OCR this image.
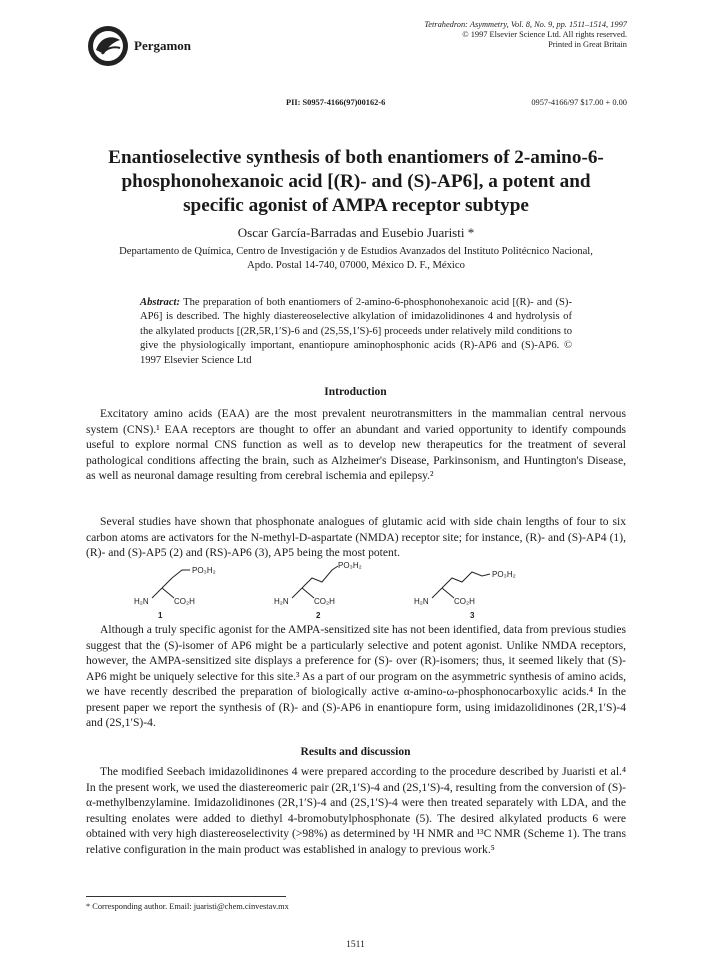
Pergamon
Tetrahedron: Asymmetry, Vol. 8, No. 9, pp. 1511–1514, 1997
© 1997 Elsevier Science Ltd. All rights reserved.
Printed in Great Britain
PII: S0957-4166(97)00162-6	0957-4166/97 $17.00 + 0.00
Enantioselective synthesis of both enantiomers of 2-amino-6-phosphonohexanoic acid [(R)- and (S)-AP6], a potent and specific agonist of AMPA receptor subtype
Oscar García-Barradas and Eusebio Juaristi *
Departamento de Química, Centro de Investigación y de Estudios Avanzados del Instituto Politécnico Nacional, Apdo. Postal 14-740, 07000, México D. F., México
Abstract: The preparation of both enantiomers of 2-amino-6-phosphonohexanoic acid [(R)- and (S)-AP6] is described. The highly diastereoselective alkylation of imidazolidinones 4 and hydrolysis of the alkylated products [(2R,5R,1′S)-6 and (2S,5S,1′S)-6] proceeds under relatively mild conditions to give the physiologically important, enantiopure aminophosphonic acids (R)-AP6 and (S)-AP6. © 1997 Elsevier Science Ltd
Introduction

Excitatory amino acids (EAA) are the most prevalent neurotransmitters in the mammalian central nervous system (CNS).¹ EAA receptors are thought to offer an abundant and varied opportunity to identify compounds useful to explore normal CNS function as well as to develop new therapeutics for the treatment of several pathological conditions affecting the brain, such as Alzheimer's Disease, Parkinsonism, and Huntington's Disease, as well as neuronal damage resulting from cerebral ischemia and epilepsy.²

Several studies have shown that phosphonate analogues of glutamic acid with side chain lengths of four to six carbon atoms are activators for the N-methyl-D-aspartate (NMDA) receptor site; for instance, (R)- and (S)-AP4 (1), (R)- and (S)-AP5 (2) and (RS)-AP6 (3), AP5 being the most potent.

PO₃H₂
H₂N	CO₂H
1
PO₃H₂
H₂N	CO₂H
2
PO₃H₂
H₂N	CO₂H
3

Although a truly specific agonist for the AMPA-sensitized site has not been identified, data from previous studies suggest that the (S)-isomer of AP6 might be a particularly selective and potent agonist. Unlike NMDA receptors, however, the AMPA-sensitized site displays a preference for (S)- over (R)-isomers; thus, it seemed likely that (S)-AP6 might be uniquely selective for this site.³ As a part of our program on the asymmetric synthesis of amino acids, we have recently described the preparation of biologically active α-amino-ω-phosphonocarboxylic acids.⁴ In the present paper we report the synthesis of (R)- and (S)-AP6 in enantiopure form, using imidazolidinones (2R,1′S)-4 and (2S,1′S)-4.

Results and discussion

The modified Seebach imidazolidinones 4 were prepared according to the procedure described by Juaristi et al.⁴ In the present work, we used the diastereomeric pair (2R,1′S)-4 and (2S,1′S)-4, resulting from the conversion of (S)-α-methylbenzylamine. Imidazolidinones (2R,1′S)-4 and (2S,1′S)-4 were then treated separately with LDA, and the resulting enolates were added to diethyl 4-bromobutylphosphonate (5). The desired alkylated products 6 were obtained with very high diastereoselectivity (>98%) as determined by ¹H NMR and ¹³C NMR (Scheme 1). The trans relative configuration in the main product was established in analogy to previous work.⁵

* Corresponding author. Email: juaristi@chem.cinvestav.mx
1511
